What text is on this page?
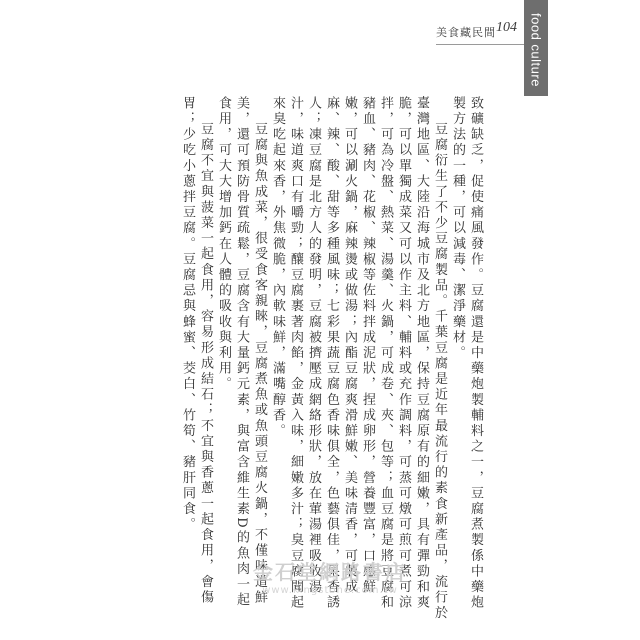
food culture
美食藏民間 104

致礦缺乏，促使痛風發作。豆腐還是中藥炮製輔料之一，豆腐煮製係中藥炮製方法的一種，可以減毒、潔淨藥材。

豆腐衍生了不少豆腐製品。千葉豆腐是近年最流行的素食新產品，流行於臺灣地區、大陸沿海城市及北方地區，保持豆腐原有的細嫩，具有彈勁和爽脆，可以單獨成菜又可以作主料、輔料或充作調料，可蒸可燉可煎可煮可涼拌，可為冷盤、熱菜、湯羹、火鍋，可成卷、夾、包等；血豆腐是將豆腐和豬血、豬肉、花椒、辣椒等佐料拌成泥狀，捏成卵形，營養豐富，口感鮮嫩，可以涮火鍋，麻辣燙或做湯；內酯豆腐爽滑鮮嫩、美味清香，可製成麻、辣、酸、甜等多種風味；七彩果蔬豆腐色香味俱全，色藝俱佳，果香誘人；凍豆腐是北方人的發明，豆腐被擠壓成網絡形狀，放在葷湯裡吸收湯汁，味道爽口有嚼勁；釀豆腐裹著肉餡，金黃入味，細嫩多汁；臭豆腐聞起來臭吃起來香，外焦微脆，內軟味鮮，滿嘴醇香。

豆腐與魚成菜，很受食客親睞，豆腐煮魚或魚頭豆腐火鍋，不僅味道鮮美，還可預防骨質疏鬆，豆腐含有大量鈣元素，與富含維生素D的魚肉一起食用，可大大增加鈣在人體的吸收與利用。

豆腐不宜與菠菜一起食用，容易形成結石；不宜與香蔥一起食用，會傷胃；少吃小蔥拌豆腐。豆腐忌與蜂蜜、茭白、竹筍、豬肝同食。

金石堂網路書店
www.kingstone.com.tw
